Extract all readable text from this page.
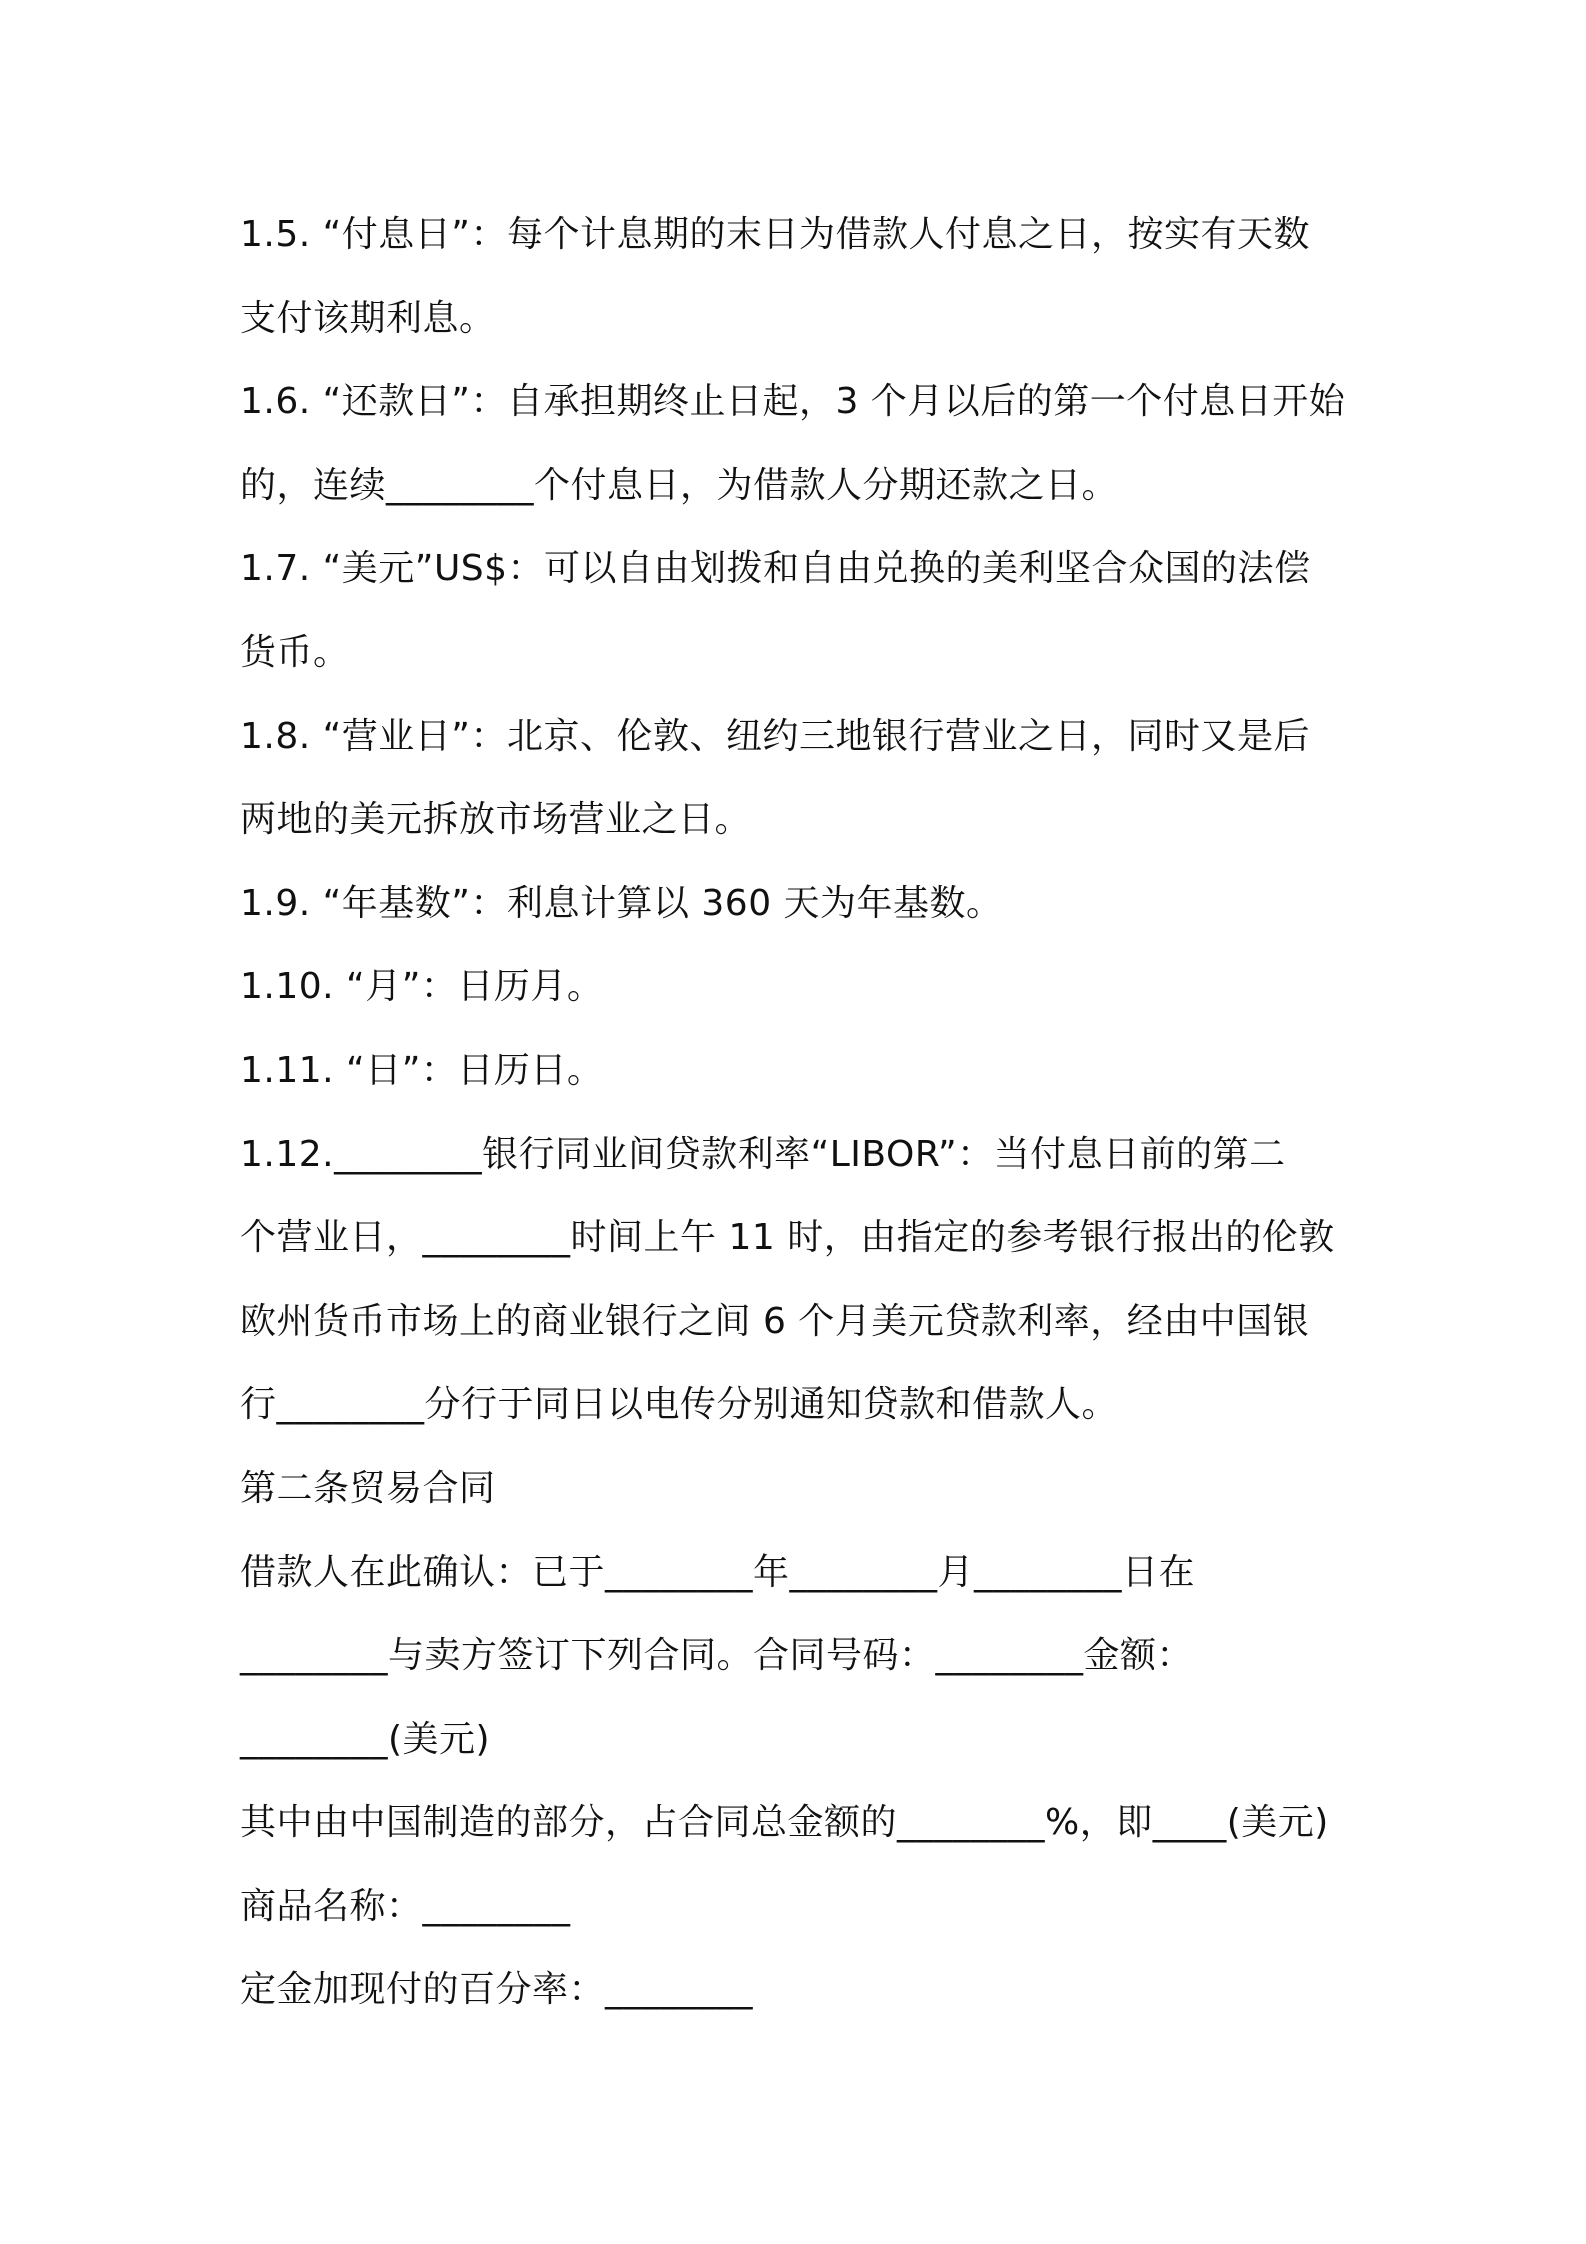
1.5. “付息日”：每个计息期的末日为借款人付息之日，按实有天数
支付该期利息。
1.6. “还款日”：自承担期终止日起，3 个月以后的第一个付息日开始
的，连续________个付息日，为借款人分期还款之日。
1.7. “美元”US$：可以自由划拨和自由兑换的美利坚合众国的法偿
货币。
1.8. “营业日”：北京、伦敦、纽约三地银行营业之日，同时又是后
两地的美元拆放市场营业之日。
1.9. “年基数”：利息计算以 360 天为年基数。
1.10. “月”：日历月。
1.11. “日”：日历日。
1.12.________银行同业间贷款利率“LIBOR”：当付息日前的第二
个营业日，________时间上午 11 时，由指定的参考银行报出的伦敦
欧州货币市场上的商业银行之间 6 个月美元贷款利率，经由中国银
行________分行于同日以电传分别通知贷款和借款人。
第二条贸易合同
借款人在此确认：已于________年________月________日在
________与卖方签订下列合同。合同号码：________金额：
________(美元)
其中由中国制造的部分，占合同总金额的________%，即____(美元)
商品名称：________
定金加现付的百分率：________
